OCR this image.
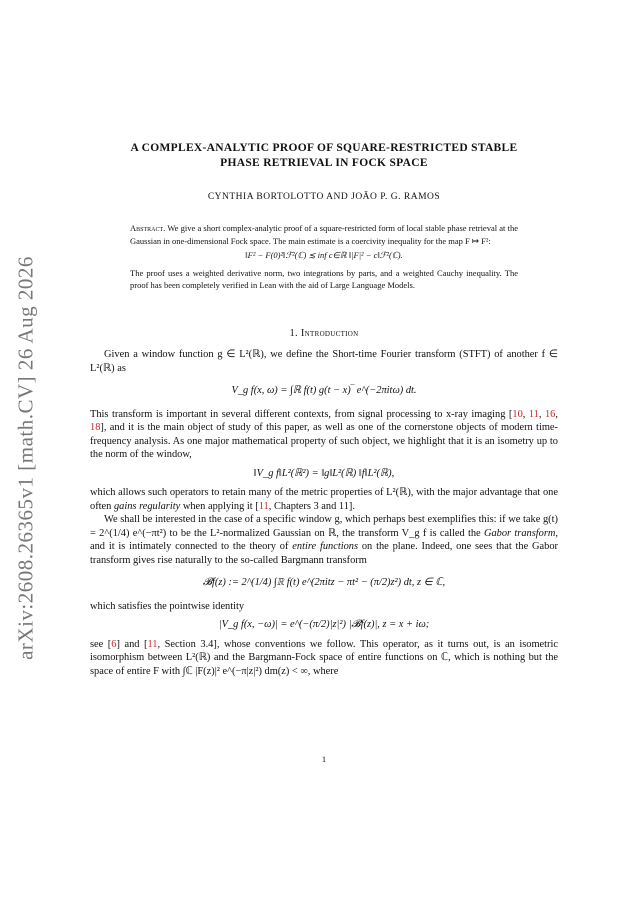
arXiv:2608.26365v1 [math.CV] 26 Aug 2026
A COMPLEX-ANALYTIC PROOF OF SQUARE-RESTRICTED STABLE
PHASE RETRIEVAL IN FOCK SPACE
CYNTHIA BORTOLOTTO AND JOÃO P. G. RAMOS
Abstract. We give a short complex-analytic proof of a square-restricted form of local stable phase retrieval at the Gaussian in one-dimensional Fock space. The main estimate is a coercivity inequality for the map F ↦ F²:
‖F² − F(0)²‖ℱ²(ℂ) ≲ inf c∈ℝ ‖|F|² − c‖ℱ²(ℂ).
The proof uses a weighted derivative norm, two integrations by parts, and a weighted Cauchy inequality. The proof has been completely verified in Lean with the aid of Large Language Models.
1. Introduction

Given a window function g ∈ L²(ℝ), we define the Short-time Fourier transform (STFT) of another f ∈ L²(ℝ) as

V_g f(x, ω) = ∫ℝ f(t) g(t − x)‾ e^(−2πitω) dt.

This transform is important in several different contexts, from signal processing to x-ray imaging [10, 11, 16, 18], and it is the main object of study of this paper, as well as one of the cornerstone objects of modern time-frequency analysis. As one major mathematical property of such object, we highlight that it is an isometry up to the norm of the window,

‖V_g f‖L²(ℝ²) = ‖g‖L²(ℝ) ‖f‖L²(ℝ),

which allows such operators to retain many of the metric properties of L²(ℝ), with the major advantage that one often gains regularity when applying it [11, Chapters 3 and 11].

We shall be interested in the case of a specific window g, which perhaps best exemplifies this: if we take g(t) = 2^(1/4) e^(−πt²) to be the L²-normalized Gaussian on ℝ, the transform V_g f is called the Gabor transform, and it is intimately connected to the theory of entire functions on the plane. Indeed, one sees that the Gabor transform gives rise naturally to the so-called Bargmann transform

𝓑f(z) := 2^(1/4) ∫ℝ f(t) e^(2πitz − πt² − (π/2)z²) dt, z ∈ ℂ,

which satisfies the pointwise identity

|V_g f(x, −ω)| = e^(−(π/2)|z|²) |𝓑f(z)|, z = x + iω;

see [6] and [11, Section 3.4], whose conventions we follow. This operator, as it turns out, is an isometric isomorphism between L²(ℝ) and the Bargmann-Fock space of entire functions on ℂ, which is nothing but the space of entire F with ∫ℂ |F(z)|² e^(−π|z|²) dm(z) < ∞, where

1
